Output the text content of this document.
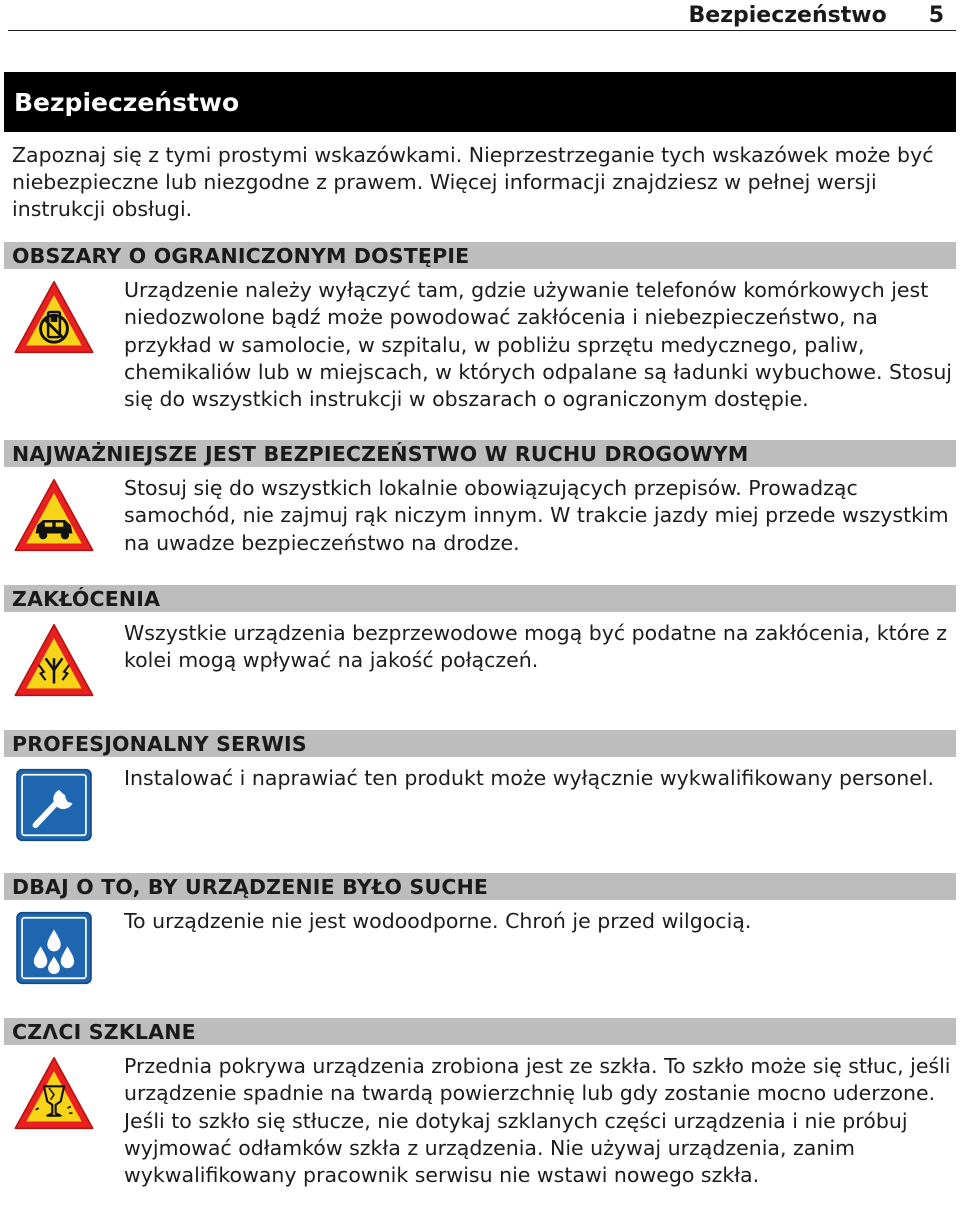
Bezpieczeństwo 5
Bezpieczeństwo
Zapoznaj się z tymi prostymi wskazówkami. Nieprzestrzeganie tych wskazówek może być niebezpieczne lub niezgodne z prawem. Więcej informacji znajdziesz w pełnej wersji instrukcji obsługi.
OBSZARY O OGRANICZONYM DOSTĘPIE
Urządzenie należy wyłączyć tam, gdzie używanie telefonów komórkowych jest niedozwolone bądź może powodować zakłócenia i niebezpieczeństwo, na przykład w samolocie, w szpitalu, w pobliżu sprzętu medycznego, paliw, chemikaliów lub w miejscach, w których odpalane są ładunki wybuchowe. Stosuj się do wszystkich instrukcji w obszarach o ograniczonym dostępie.
NAJWAŻNIEJSZE JEST BEZPIECZEŃSTWO W RUCHU DROGOWYM
Stosuj się do wszystkich lokalnie obowiązujących przepisów. Prowadząc samochód, nie zajmuj rąk niczym innym. W trakcie jazdy miej przede wszystkim na uwadze bezpieczeństwo na drodze.
ZAKŁÓCENIA
Wszystkie urządzenia bezprzewodowe mogą być podatne na zakłócenia, które z kolei mogą wpływać na jakość połączeń.
PROFESJONALNY SERWIS
Instalować i naprawiać ten produkt może wyłącznie wykwalifikowany personel.
DBAJ O TO, BY URZĄDZENIE BYŁO SUCHE
To urządzenie nie jest wodoodporne. Chroń je przed wilgocią.
CZΛCI SZKLANE
Przednia pokrywa urządzenia zrobiona jest ze szkła. To szkło może się stłuc, jeśli urządzenie spadnie na twardą powierzchnię lub gdy zostanie mocno uderzone. Jeśli to szkło się stłucze, nie dotykaj szklanych części urządzenia i nie próbuj wyjmować odłamków szkła z urządzenia. Nie używaj urządzenia, zanim wykwalifikowany pracownik serwisu nie wstawi nowego szkła.
